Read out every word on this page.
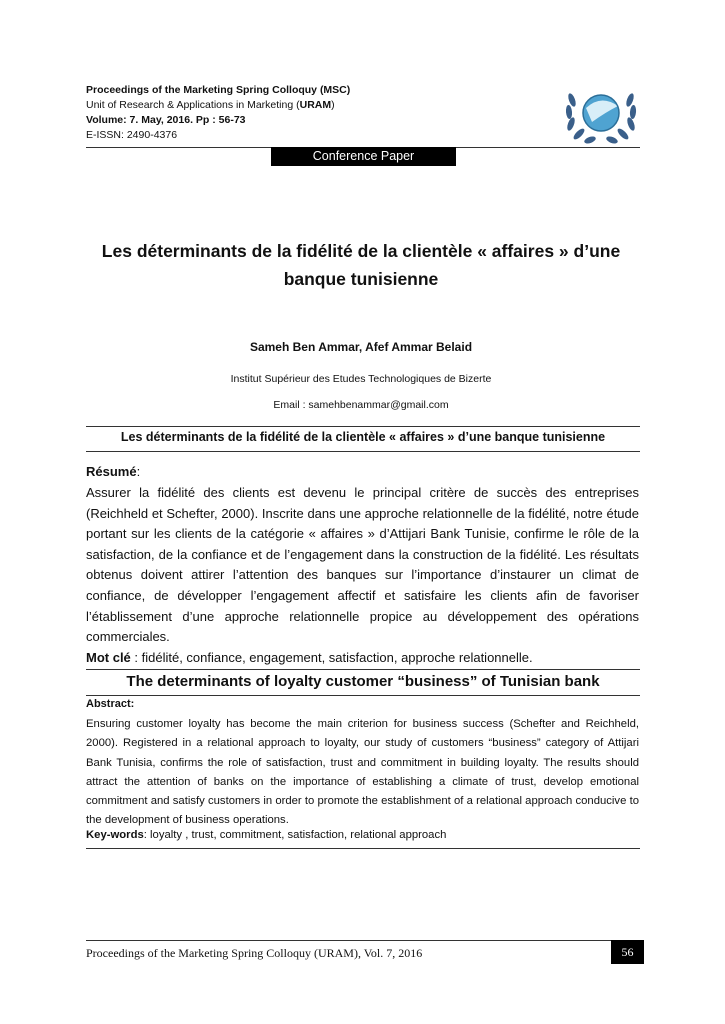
Proceedings of the Marketing Spring Colloquy (MSC)
Unit of Research & Applications in Marketing (URAM)
Volume: 7. May, 2016. Pp : 56-73
E-ISSN: 2490-4376
Conference Paper
Les déterminants de la fidélité de la clientèle « affaires » d’une banque tunisienne
Sameh Ben Ammar, Afef Ammar Belaid
Institut Supérieur des Etudes Technologiques de Bizerte
Email : samehbenammar@gmail.com
Les déterminants de la fidélité de la clientèle « affaires » d’une banque tunisienne
Résumé:
Assurer la fidélité des clients est devenu le principal critère de succès des entreprises (Reichheld et Schefter, 2000). Inscrite dans une approche relationnelle de la fidélité, notre étude portant sur les clients de la catégorie « affaires » d’Attijari Bank Tunisie, confirme le rôle de la satisfaction, de la confiance et de l’engagement dans la construction de la fidélité. Les résultats obtenus doivent attirer l’attention des banques sur l’importance d’instaurer un climat de confiance, de développer l’engagement affectif et satisfaire les clients afin de favoriser l’établissement d’une approche relationnelle propice au développement des opérations commerciales.
Mot clé : fidélité, confiance, engagement, satisfaction, approche relationnelle.
The determinants of loyalty customer “business” of Tunisian bank
Abstract:
Ensuring customer loyalty has become the main criterion for business success (Schefter and Reichheld, 2000). Registered in a relational approach to loyalty, our study of customers “business” category of Attijari Bank Tunisia, confirms the role of satisfaction, trust and commitment in building loyalty. The results should attract the attention of banks on the importance of establishing a climate of trust, develop emotional commitment and satisfy customers in order to promote the establishment of a relational approach conducive to the development of business operations.
Key-words: loyalty , trust, commitment, satisfaction, relational approach
Proceedings of the Marketing Spring Colloquy (URAM), Vol. 7, 2016	56
